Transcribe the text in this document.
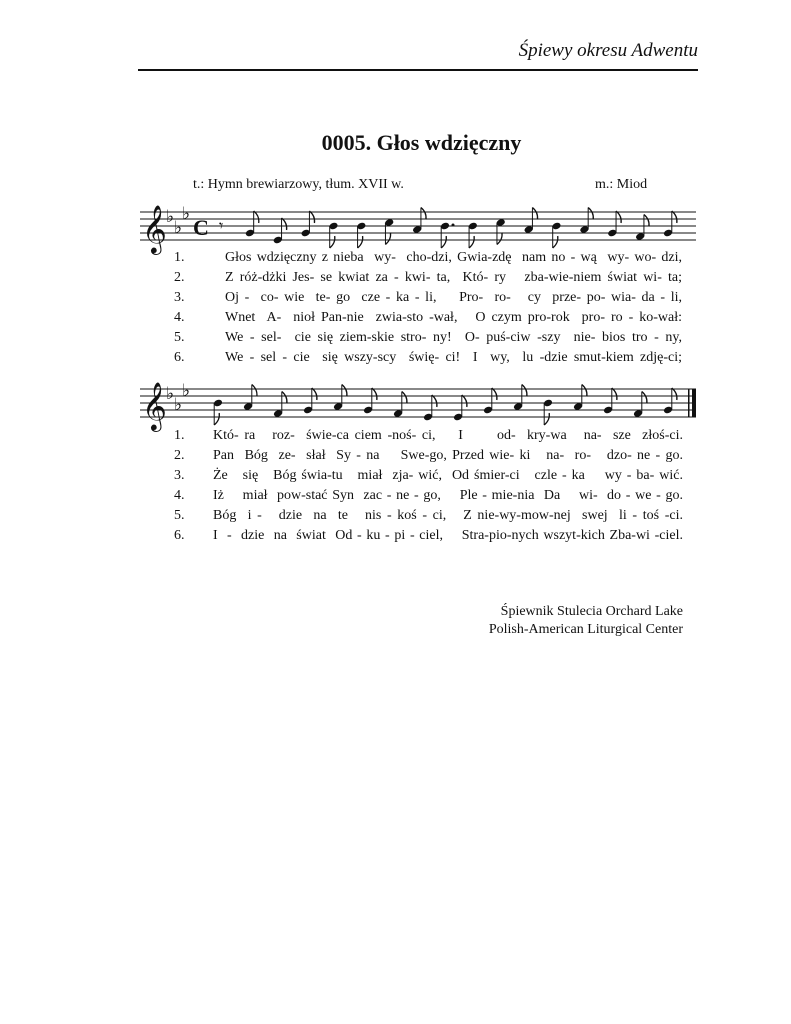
Śpiewy okresu Adwentu
0005. Głos wdzięczny
t.: Hymn brewiarzowy, tłum. XVII w.	m.: Miod
𝄞 ♭
♭
♭
C 𝄾
1.	Głos wdzięczny z nieba  wy-  cho-dzi, Gwia-zdę  nam no - wą  wy- wo- dzi,
2.	Z róż-dżki Jes- se kwiat za - kwi- ta,  Któ- ry   zba-wie-niem świat wi- ta;
3.	Oj -  co- wie  te- go  cze - ka - li,    Pro-  ro-   cy  prze- po- wia- da - li,
4.	Wnet  A-  nioł Pan-nie  zwia-sto -wał,   O czym pro-rok  pro- ro - ko-wał:
5.	We - sel-  cie się ziem-skie stro- ny!  O- puś-ciw -szy  nie- bios tro - ny,
6.	We - sel - cie  się wszy-scy  świę- ci!  I  wy,  lu -dzie smut-kiem zdję-ci;
𝄞 ♭
♭
♭
1. Któ- ra   roz-  świe-ca ciem -noś- ci,    I      od-  kry-wa   na-  sze  złoś-ci.
2. Pan  Bóg  ze-  słał  Sy - na    Swe-go, Przed wie- ki   na-  ro-   dzo- ne - go.
3. Że   się   Bóg świa-tu   miał  zja- wić,  Od śmier-ci   czle - ka    wy - ba- wić.
4. Iż    miał  pow-stać Syn  zac - ne - go,    Ple - mie-nia  Da    wi-  do - we - go.
5. Bóg  i -   dzie  na  te   nis - koś - ci,   Z nie-wy-mow-nej  swej  li - toś -ci.
6. I  -  dzie  na  świat  Od - ku - pi - ciel,    Stra-pio-nych wszyt-kich Zba-wi -ciel.
Śpiewnik Stulecia Orchard Lake
Polish-American Liturgical Center
